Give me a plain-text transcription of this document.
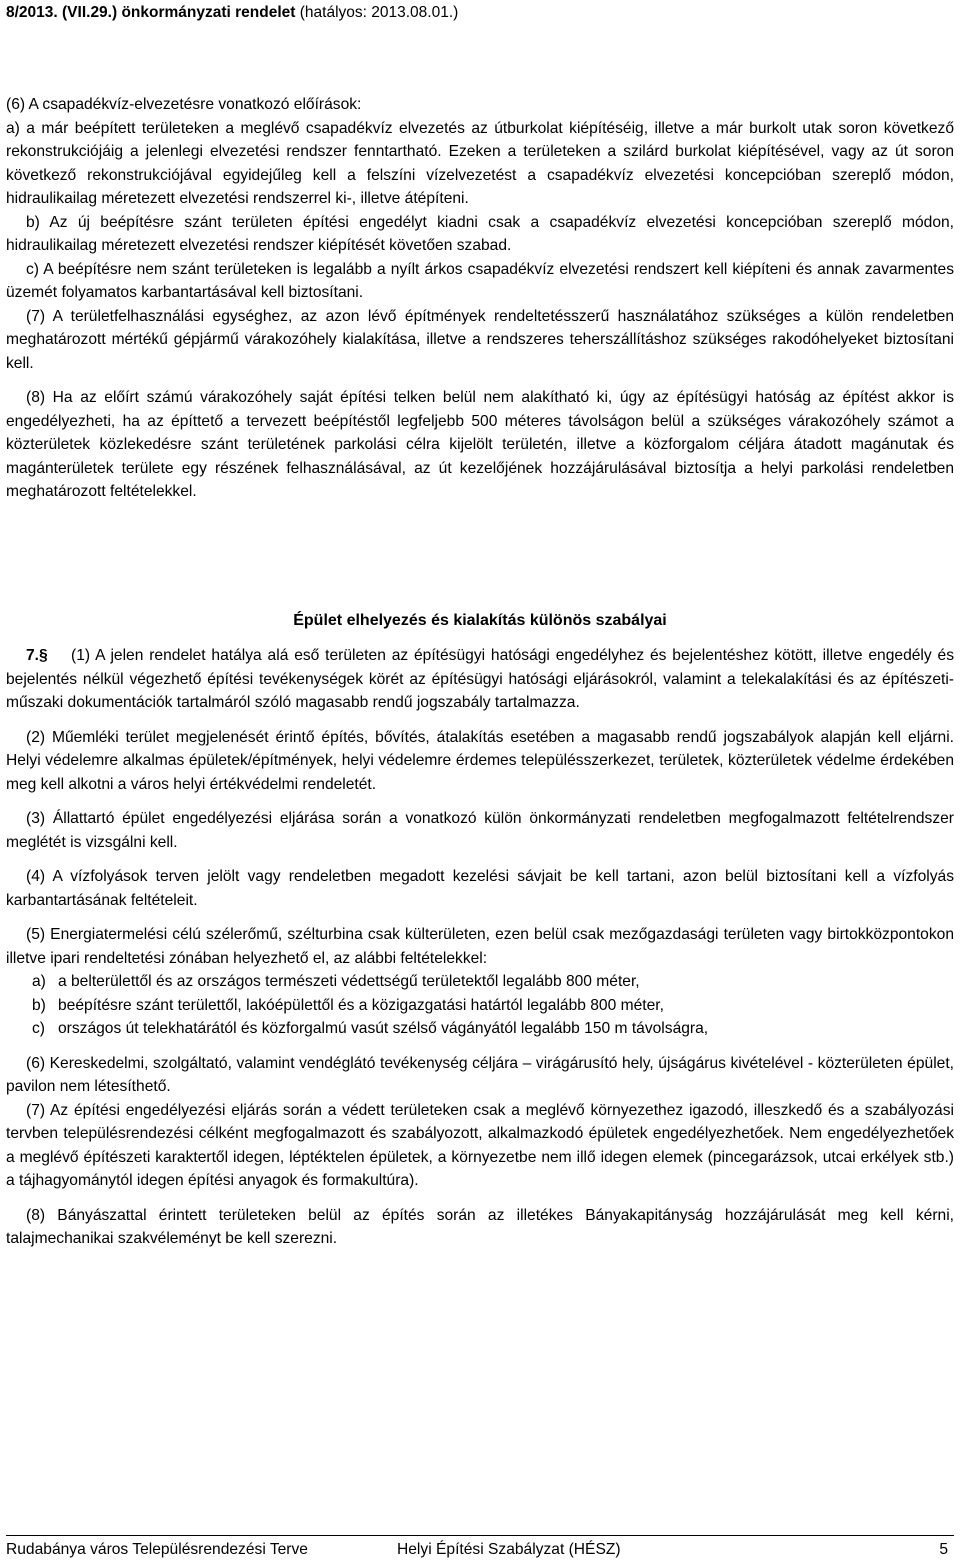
8/2013. (VII.29.) önkormányzati rendelet (hatályos: 2013.08.01.)

(6) A csapadékvíz-elvezetésre vonatkozó előírások:

a) a már beépített területeken a meglévő csapadékvíz elvezetés az útburkolat kiépítéséig, illetve a már burkolt utak soron következő rekonstrukciójáig a jelenlegi elvezetési rendszer fenntartható. Ezeken a területeken a szilárd burkolat kiépítésével, vagy az út soron következő rekonstrukciójával egyidejűleg kell a felszíni vízelvezetést a csapadékvíz elvezetési koncepcióban szereplő módon, hidraulikailag méretezett elvezetési rendszerrel ki-, illetve átépíteni.

b) Az új beépítésre szánt területen építési engedélyt kiadni csak a csapadékvíz elvezetési koncepcióban szereplő módon, hidraulikailag méretezett elvezetési rendszer kiépítését követően szabad.

c) A beépítésre nem szánt területeken is legalább a nyílt árkos csapadékvíz elvezetési rendszert kell kiépíteni és annak zavarmentes üzemét folyamatos karbantartásával kell biztosítani.

(7) A területfelhasználási egységhez, az azon lévő építmények rendeltetésszerű használatához szükséges a külön rendeletben meghatározott mértékű gépjármű várakozóhely kialakítása, illetve a rendszeres teherszállításhoz szükséges rakodóhelyeket biztosítani kell.

(8) Ha az előírt számú várakozóhely saját építési telken belül nem alakítható ki, úgy az építésügyi hatóság az építést akkor is engedélyezheti, ha az építtető a tervezett beépítéstől legfeljebb 500 méteres távolságon belül a szükséges várakozóhely számot a közterületek közlekedésre szánt területének parkolási célra kijelölt területén, illetve a közforgalom céljára átadott magánutak és magánterületek területe egy részének felhasználásával, az út kezelőjének hozzájárulásával biztosítja a helyi parkolási rendeletben meghatározott feltételekkel.

Épület elhelyezés és kialakítás különös szabályai

7.§ (1) A jelen rendelet hatálya alá eső területen az építésügyi hatósági engedélyhez és bejelentéshez kötött, illetve engedély és bejelentés nélkül végezhető építési tevékenységek körét az építésügyi hatósági eljárásokról, valamint a telekalakítási és az építészeti-műszaki dokumentációk tartalmáról szóló magasabb rendű jogszabály tartalmazza.

(2) Műemléki terület megjelenését érintő építés, bővítés, átalakítás esetében a magasabb rendű jogszabályok alapján kell eljárni. Helyi védelemre alkalmas épületek/építmények, helyi védelemre érdemes településszerkezet, területek, közterületek védelme érdekében meg kell alkotni a város helyi értékvédelmi rendeletét.

(3) Állattartó épület engedélyezési eljárása során a vonatkozó külön önkormányzati rendeletben megfogalmazott feltételrendszer meglétét is vizsgálni kell.

(4) A vízfolyások terven jelölt vagy rendeletben megadott kezelési sávjait be kell tartani, azon belül biztosítani kell a vízfolyás karbantartásának feltételeit.

(5) Energiatermelési célú szélerőmű, szélturbina csak külterületen, ezen belül csak mezőgazdasági területen vagy birtokközpontokon illetve ipari rendeltetési zónában helyezhető el, az alábbi feltételekkel:

a) a belterülettől és az országos természeti védettségű területektől legalább 800 méter,
b) beépítésre szánt területtől, lakóépülettől és a közigazgatási határtól legalább 800 méter,
c) országos út telekhatárától és közforgalmú vasút szélső vágányától legalább 150 m távolságra,

(6) Kereskedelmi, szolgáltató, valamint vendéglátó tevékenység céljára – virágárusító hely, újságárus kivételével - közterületen épület, pavilon nem létesíthető.

(7) Az építési engedélyezési eljárás során a védett területeken csak a meglévő környezethez igazodó, illeszkedő és a szabályozási tervben településrendezési célként megfogalmazott és szabályozott, alkalmazkodó épületek engedélyezhetőek. Nem engedélyezhetőek a meglévő építészeti karaktertől idegen, léptéktelen épületek, a környezetbe nem illő idegen elemek (pincegarázsok, utcai erkélyek stb.) a tájhagyománytól idegen építési anyagok és formakultúra).

(8) Bányászattal érintett területeken belül az építés során az illetékes Bányakapitányság hozzájárulását meg kell kérni, talajmechanikai szakvéleményt be kell szerezni.

Rudabánya város Településrendezési Terve	Helyi Építési Szabályzat (HÉSZ)	5
